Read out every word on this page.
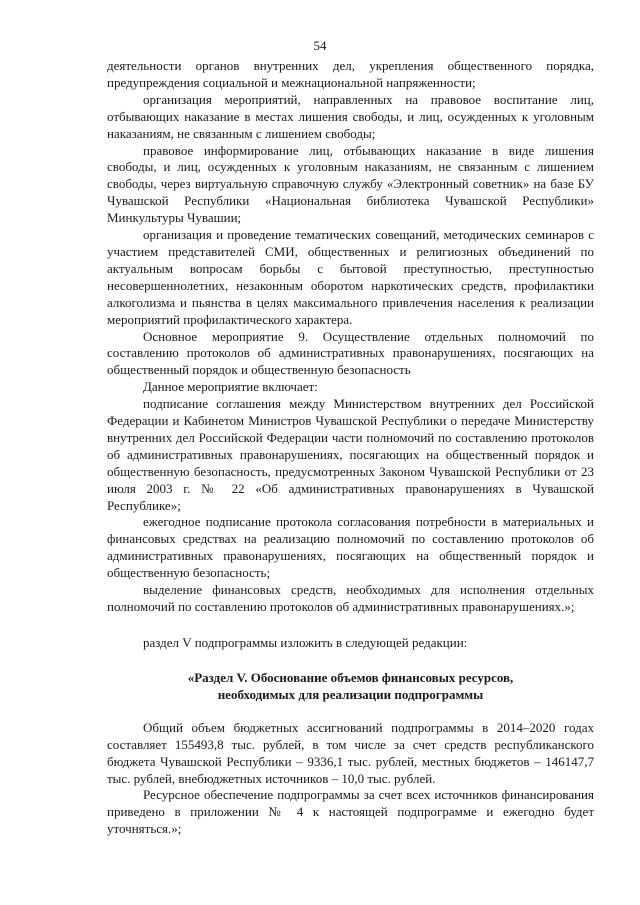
54

деятельности органов внутренних дел, укрепления общественного порядка, предупреждения социальной и межнациональной напряженности;

организация мероприятий, направленных на правовое воспитание лиц, отбывающих наказание в местах лишения свободы, и лиц, осужденных к уголовным наказаниям, не связанным с лишением свободы;

правовое информирование лиц, отбывающих наказание в виде лишения свободы, и лиц, осужденных к уголовным наказаниям, не связанным с лишением свободы, через виртуальную справочную службу «Электронный советник» на базе БУ Чувашской Республики «Национальная библиотека Чувашской Республики» Минкультуры Чувашии;

организация и проведение тематических совещаний, методических семинаров с участием представителей СМИ, общественных и религиозных объединений по актуальным вопросам борьбы с бытовой преступностью, преступностью несовершеннолетних, незаконным оборотом наркотических средств, профилактики алкоголизма и пьянства в целях максимального привлечения населения к реализации мероприятий профилактического характера.

Основное мероприятие 9. Осуществление отдельных полномочий по составлению протоколов об административных правонарушениях, посягающих на общественный порядок и общественную безопасность

Данное мероприятие включает:

подписание соглашения между Министерством внутренних дел Российской Федерации и Кабинетом Министров Чувашской Республики о передаче Министерству внутренних дел Российской Федерации части полномочий по составлению протоколов об административных правонарушениях, посягающих на общественный порядок и общественную безопасность, предусмотренных Законом Чувашской Республики от 23 июля 2003 г. № 22 «Об административных правонарушениях в Чувашской Республике»;

ежегодное подписание протокола согласования потребности в материальных и финансовых средствах на реализацию полномочий по составлению протоколов об административных правонарушениях, посягающих на общественный порядок и общественную безопасность;

выделение финансовых средств, необходимых для исполнения отдельных полномочий по составлению протоколов об административных правонарушениях.»;

раздел V подпрограммы изложить в следующей редакции:

«Раздел V. Обоснование объемов финансовых ресурсов,
необходимых для реализации подпрограммы

Общий объем бюджетных ассигнований подпрограммы в 2014–2020 годах составляет 155493,8 тыс. рублей, в том числе за счет средств республиканского бюджета Чувашской Республики – 9336,1 тыс. рублей, местных бюджетов – 146147,7 тыс. рублей, внебюджетных источников – 10,0 тыс. рублей.

Ресурсное обеспечение подпрограммы за счет всех источников финансирования приведено в приложении № 4 к настоящей подпрограмме и ежегодно будет уточняться.»;
